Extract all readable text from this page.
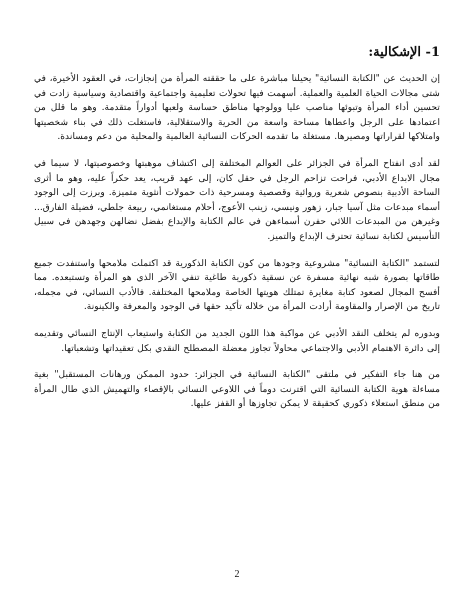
1- الإشكالية:

إن الحديث عن "الكتابة النسائية" يحيلنا مباشرة على ما حققته المرأة من إنجازات، في العقود الأخيرة، في شتى مجالات الحياة العلمية والعملية. أسهمت فيها تحولات تعليمية واجتماعية واقتصادية وسياسية زادت في تحسين أداء المرأة وتبوئها مناصب عليا وولوجها مناطق حساسة ولعبها أدواراً متقدمة. وهو ما قلل من اعتمادها على الرجل واعطاها مساحة واسعة من الحرية والاستقلالية، فاستغلت ذلك في بناء شخصيتها وامتلاكها لقراراتها ومصيرها. مستغلة ما تقدمه الحركات النسائية العالمية والمحلية من دعم ومساندة.

لقد أدى انفتاح المرأة في الجزائر على العوالم المختلفة إلى اكتشاف موهبتها وخصوصيتها، لا سيما في مجال الابداع الأدبي، فراحت تزاحم الرجل في حقل كان، إلى عهد قريب، يعد حكراً عليه، وهو ما أثرى الساحة الأدبية بنصوص شعرية وروائية وقصصية ومسرحية ذات حمولات أنثوية متميزة. وبرزت إلى الوجود أسماء مبدعات مثل آسيا جبار، زهور ونيسي، زينب الأعوج، أحلام مستغانمي، ربيعة جلطي، فضيلة الفارق... وغيرهن من المبدعات اللائي حفرن أسماءهن في عالم الكتابة والإبداع بفضل نضالهن وجهدهن في سبيل التأسيس لكتابة نسائية تحترف الإبداع والتميز.

لتستمد "الكتابة النسائية" مشروعية وجودها من كون الكتابة الذكورية قد اكتملت ملامحها واستنفدت جميع طاقاتها بصورة شبه نهائية مسفرة عن نسقية ذكورية طاغية تنفي الآخر الذي هو المرأة وتستبعده. مما أفسح المجال لصعود كتابة مغايرة تمتلك هويتها الخاصة وملامحها المختلفة. فالأدب النسائي، في مجمله، تاريخ من الإصرار والمقاومة أرادت المرأة من خلاله تأكيد حقها في الوجود والمعرفة والكينونة.

وبدوره لم يتخلف النقد الأدبي عن مواكبة هذا اللون الجديد من الكتابة واستيعاب الإنتاج النسائي وتقديمه إلى دائرة الاهتمام الأدبي والاجتماعي محاولاً تجاوز معضلة المصطلح النقدي بكل تعقيداتها وتشعباتها.

من هنا جاء التفكير في ملتقى "الكتابة النسائية في الجزائر: حدود الممكن ورهانات المستقبل" بغية مساءلة هوية الكتابة النسائية التي اقترنت دوماً في اللاوعي النسائي بالإقصاء والتهميش الذي طال المرأة من منطق استعلاء ذكوري كحقيقة لا يمكن تجاوزها أو القفز عليها.

2
